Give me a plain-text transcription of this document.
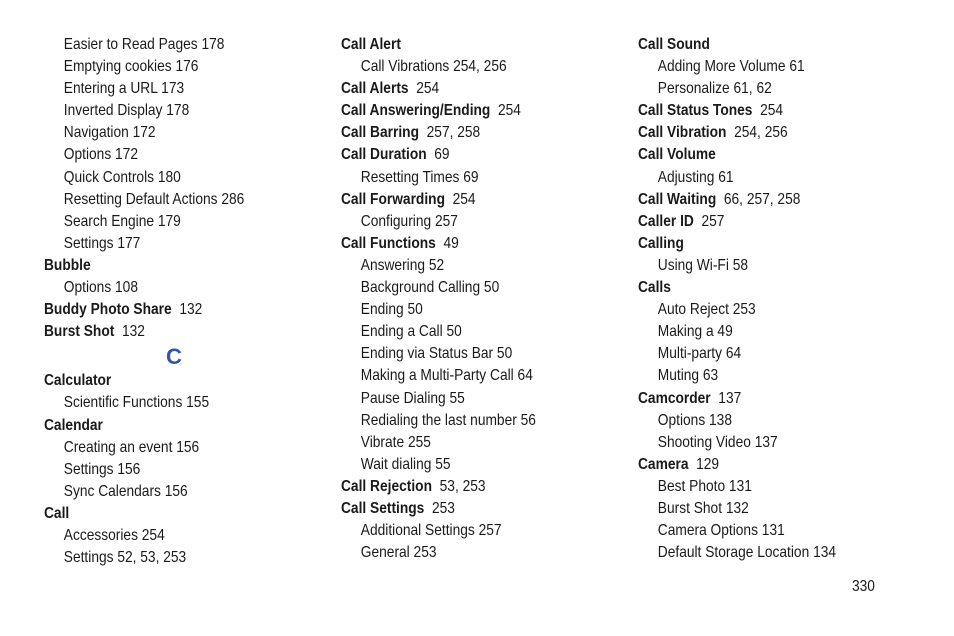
Easier to Read Pages 178
Emptying cookies 176
Entering a URL 173
Inverted Display 178
Navigation 172
Options 172
Quick Controls 180
Resetting Default Actions 286
Search Engine 179
Settings 177
Bubble
Options 108
Buddy Photo Share  132
Burst Shot  132
C
Calculator
Scientific Functions 155
Calendar
Creating an event 156
Settings 156
Sync Calendars 156
Call
Accessories 254
Settings 52, 53, 253
Call Alert
Call Vibrations 254, 256
Call Alerts  254
Call Answering/Ending  254
Call Barring  257, 258
Call Duration  69
Resetting Times 69
Call Forwarding  254
Configuring 257
Call Functions  49
Answering 52
Background Calling 50
Ending 50
Ending a Call 50
Ending via Status Bar 50
Making a Multi-Party Call 64
Pause Dialing 55
Redialing the last number 56
Vibrate 255
Wait dialing 55
Call Rejection  53, 253
Call Settings  253
Additional Settings 257
General 253
Call Sound
Adding More Volume 61
Personalize 61, 62
Call Status Tones  254
Call Vibration  254, 256
Call Volume
Adjusting 61
Call Waiting  66, 257, 258
Caller ID  257
Calling
Using Wi-Fi 58
Calls
Auto Reject 253
Making a 49
Multi-party 64
Muting 63
Camcorder  137
Options 138
Shooting Video 137
Camera  129
Best Photo 131
Burst Shot 132
Camera Options 131
Default Storage Location 134
330
